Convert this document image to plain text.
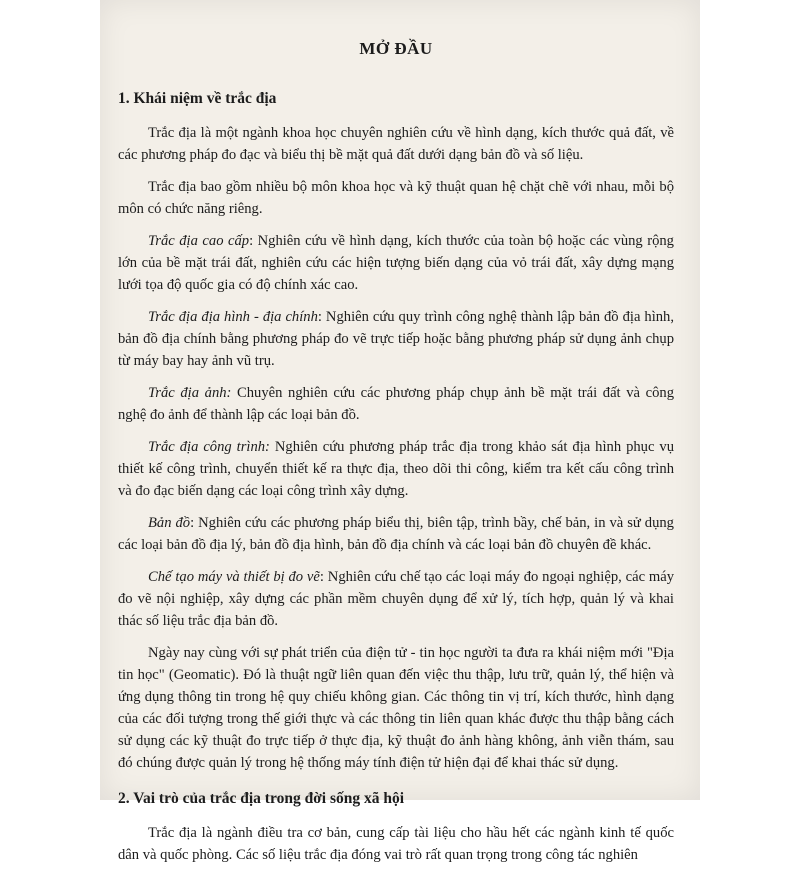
MỞ ĐẦU
1. Khái niệm về trắc địa

Trắc địa là một ngành khoa học chuyên nghiên cứu về hình dạng, kích thước quả đất, về các phương pháp đo đạc và biểu thị bề mặt quả đất dưới dạng bản đồ và số liệu.

Trắc địa bao gồm nhiều bộ môn khoa học và kỹ thuật quan hệ chặt chẽ với nhau, mỗi bộ môn có chức năng riêng.

Trắc địa cao cấp: Nghiên cứu về hình dạng, kích thước của toàn bộ hoặc các vùng rộng lớn của bề mặt trái đất, nghiên cứu các hiện tượng biến dạng của vỏ trái đất, xây dựng mạng lưới tọa độ quốc gia có độ chính xác cao.

Trắc địa địa hình - địa chính: Nghiên cứu quy trình công nghệ thành lập bản đồ địa hình, bản đồ địa chính bằng phương pháp đo vẽ trực tiếp hoặc bằng phương pháp sử dụng ảnh chụp từ máy bay hay ảnh vũ trụ.

Trắc địa ảnh: Chuyên nghiên cứu các phương pháp chụp ảnh bề mặt trái đất và công nghệ đo ảnh để thành lập các loại bản đồ.

Trắc địa công trình: Nghiên cứu phương pháp trắc địa trong khảo sát địa hình phục vụ thiết kế công trình, chuyển thiết kế ra thực địa, theo dõi thi công, kiểm tra kết cấu công trình và đo đạc biến dạng các loại công trình xây dựng.

Bản đồ: Nghiên cứu các phương pháp biểu thị, biên tập, trình bầy, chế bản, in và sử dụng các loại bản đồ địa lý, bản đồ địa hình, bản đồ địa chính và các loại bản đồ chuyên đề khác.

Chế tạo máy và thiết bị đo vẽ: Nghiên cứu chế tạo các loại máy đo ngoại nghiệp, các máy đo vẽ nội nghiệp, xây dựng các phần mềm chuyên dụng để xử lý, tích hợp, quản lý và khai thác số liệu trắc địa bản đồ.

Ngày nay cùng với sự phát triển của điện tử - tin học người ta đưa ra khái niệm mới "Địa tin học" (Geomatic). Đó là thuật ngữ liên quan đến việc thu thập, lưu trữ, quản lý, thể hiện và ứng dụng thông tin trong hệ quy chiếu không gian. Các thông tin vị trí, kích thước, hình dạng của các đối tượng trong thế giới thực và các thông tin liên quan khác được thu thập bằng cách sử dụng các kỹ thuật đo trực tiếp ở thực địa, kỹ thuật đo ảnh hàng không, ảnh viễn thám, sau đó chúng được quản lý trong hệ thống máy tính điện tử hiện đại để khai thác sử dụng.

2. Vai trò của trắc địa trong đời sống xã hội

Trắc địa là ngành điều tra cơ bản, cung cấp tài liệu cho hầu hết các ngành kinh tế quốc dân và quốc phòng. Các số liệu trắc địa đóng vai trò rất quan trọng trong công tác nghiên
